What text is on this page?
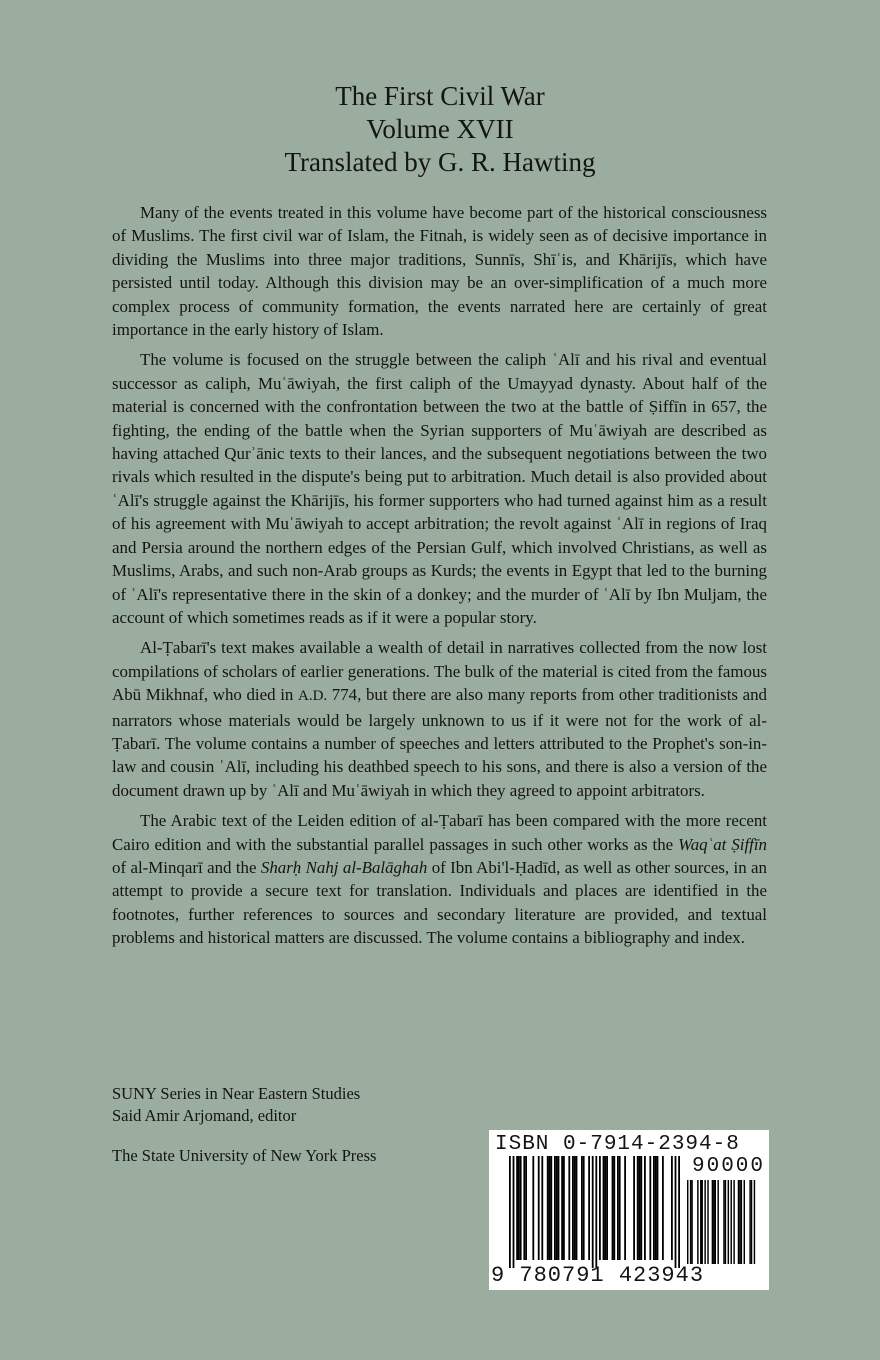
The First Civil War
Volume XVII
Translated by G. R. Hawting

Many of the events treated in this volume have become part of the historical consciousness of Muslims. The first civil war of Islam, the Fitnah, is widely seen as of decisive importance in dividing the Muslims into three major traditions, Sunnīs, Shīʿis, and Khārijīs, which have persisted until today. Although this division may be an over-simplification of a much more complex process of community formation, the events narrated here are certainly of great importance in the early history of Islam.

The volume is focused on the struggle between the caliph ʿAlī and his rival and eventual successor as caliph, Muʿāwiyah, the first caliph of the Umayyad dynasty. About half of the material is concerned with the confrontation between the two at the battle of Ṣiffīn in 657, the fighting, the ending of the battle when the Syrian supporters of Muʿāwiyah are described as having attached Qurʾānic texts to their lances, and the subsequent negotiations between the two rivals which resulted in the dispute's being put to arbitration. Much detail is also provided about ʿAlī's struggle against the Khārijīs, his former supporters who had turned against him as a result of his agreement with Muʿāwiyah to accept arbitration; the revolt against ʿAlī in regions of Iraq and Persia around the northern edges of the Persian Gulf, which involved Christians, as well as Muslims, Arabs, and such non-Arab groups as Kurds; the events in Egypt that led to the burning of ʿAlī's representative there in the skin of a donkey; and the murder of ʿAlī by Ibn Muljam, the account of which sometimes reads as if it were a popular story.

Al-Ṭabarī's text makes available a wealth of detail in narratives collected from the now lost compilations of scholars of earlier generations. The bulk of the material is cited from the famous Abū Mikhnaf, who died in A.D. 774, but there are also many reports from other traditionists and narrators whose materials would be largely unknown to us if it were not for the work of al-Ṭabarī. The volume contains a number of speeches and letters attributed to the Prophet's son-in-law and cousin ʿAlī, including his deathbed speech to his sons, and there is also a version of the document drawn up by ʿAlī and Muʿāwiyah in which they agreed to appoint arbitrators.

The Arabic text of the Leiden edition of al-Ṭabarī has been compared with the more recent Cairo edition and with the substantial parallel passages in such other works as the Waqʿat Ṣiffīn of al-Minqarī and the Sharḥ Nahj al-Balāghah of Ibn Abi'l-Ḥadīd, as well as other sources, in an attempt to provide a secure text for translation. Individuals and places are identified in the footnotes, further references to sources and secondary literature are provided, and textual problems and historical matters are discussed. The volume contains a bibliography and index.

SUNY Series in Near Eastern Studies
Said Amir Arjomand, editor
The State University of New York Press	ISBN 0-7914-2394-8
90000
9 780791 423943
